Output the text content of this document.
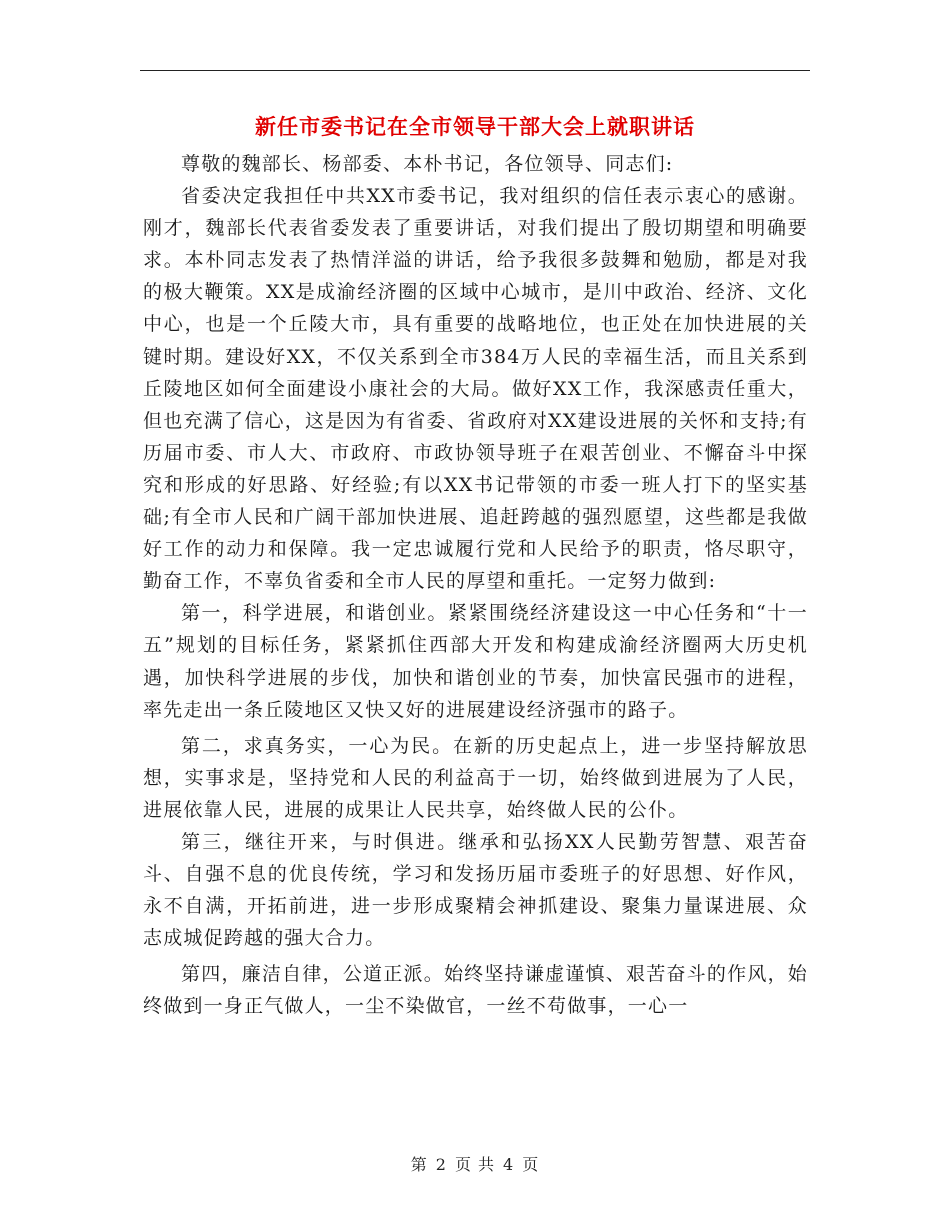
新任市委书记在全市领导干部大会上就职讲话

尊敬的魏部长、杨部委、本朴书记，各位领导、同志们:

省委决定我担任中共XX市委书记，我对组织的信任表示衷心的感谢。刚才，魏部长代表省委发表了重要讲话，对我们提出了殷切期望和明确要求。本朴同志发表了热情洋溢的讲话，给予我很多鼓舞和勉励，都是对我的极大鞭策。XX是成渝经济圈的区域中心城市，是川中政治、经济、文化中心，也是一个丘陵大市，具有重要的战略地位，也正处在加快进展的关键时期。建设好XX，不仅关系到全市384万人民的幸福生活，而且关系到丘陵地区如何全面建设小康社会的大局。做好XX工作，我深感责任重大，但也充满了信心，这是因为有省委、省政府对XX建设进展的关怀和支持;有历届市委、市人大、市政府、市政协领导班子在艰苦创业、不懈奋斗中探究和形成的好思路、好经验;有以XX书记带领的市委一班人打下的坚实基础;有全市人民和广阔干部加快进展、追赶跨越的强烈愿望，这些都是我做好工作的动力和保障。我一定忠诚履行党和人民给予的职责，恪尽职守，勤奋工作，不辜负省委和全市人民的厚望和重托。一定努力做到:

第一，科学进展，和谐创业。紧紧围绕经济建设这一中心任务和“十一五”规划的目标任务，紧紧抓住西部大开发和构建成渝经济圈两大历史机遇，加快科学进展的步伐，加快和谐创业的节奏，加快富民强市的进程，率先走出一条丘陵地区又快又好的进展建设经济强市的路子。

第二，求真务实，一心为民。在新的历史起点上，进一步坚持解放思想，实事求是，坚持党和人民的利益高于一切，始终做到进展为了人民，进展依靠人民，进展的成果让人民共享，始终做人民的公仆。

第三，继往开来，与时俱进。继承和弘扬XX人民勤劳智慧、艰苦奋斗、自强不息的优良传统，学习和发扬历届市委班子的好思想、好作风，永不自满，开拓前进，进一步形成聚精会神抓建设、聚集力量谋进展、众志成城促跨越的强大合力。

第四，廉洁自律，公道正派。始终坚持谦虚谨慎、艰苦奋斗的作风，始终做到一身正气做人，一尘不染做官，一丝不苟做事，一心一

第 2 页 共 4 页
